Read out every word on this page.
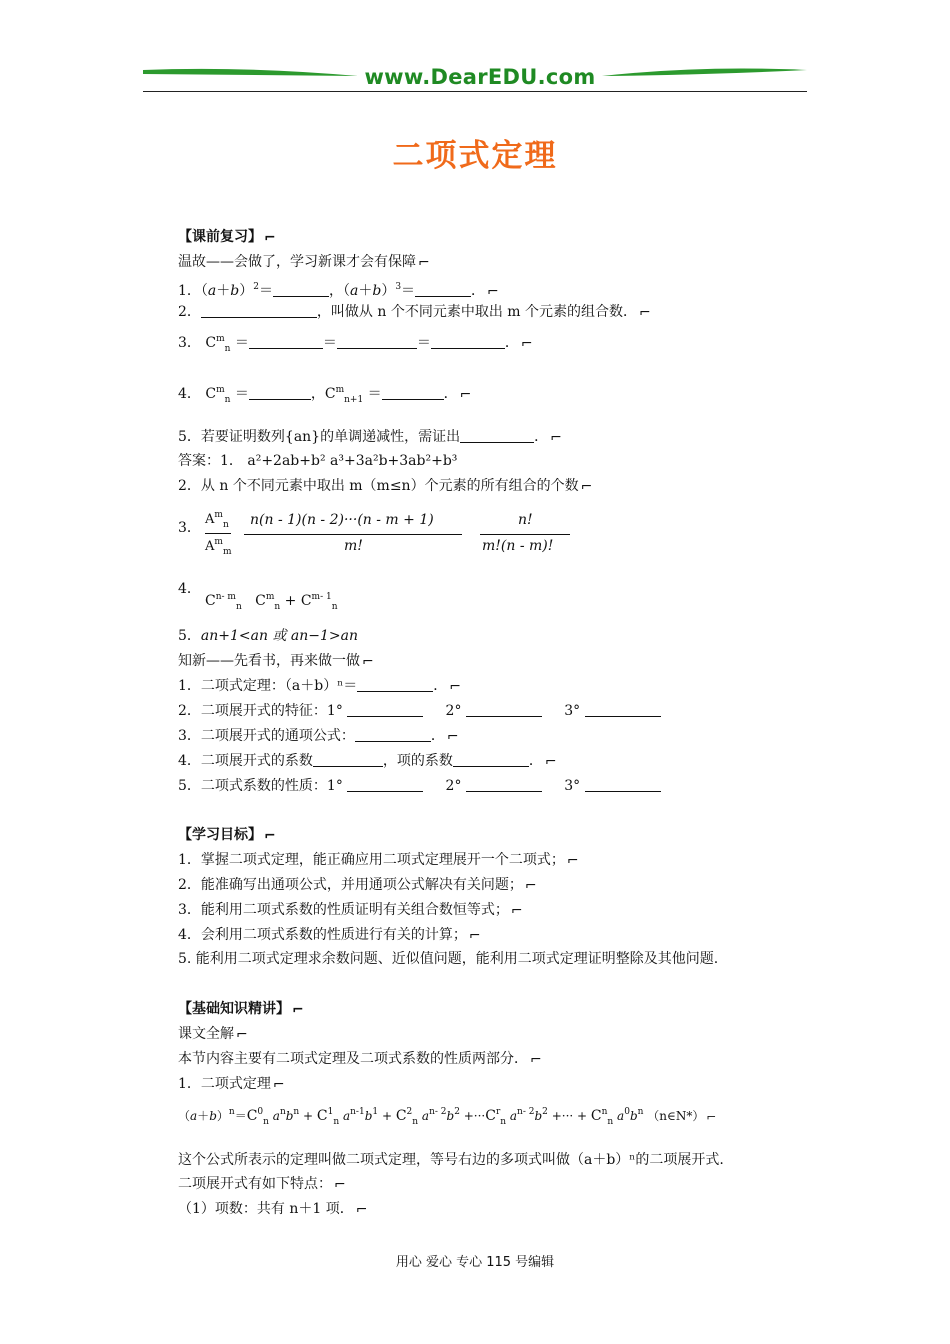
www.DearEDU.com
二项式定理
【课前复习】 ⌐
温故——会做了，学习新课才会有保障 ⌐
1．$(a+b)^2=$	，$(a+b)^3=$	． ⌐
2．	，叫做从 n 个不同元素中取出 m 个元素的组合数． ⌐
3． $C^m_n$ ＝	＝	＝	． ⌐
4． $C^m_n$ ＝	，$C^m_{n+1}$ ＝	． ⌐
5．若要证明数列{an}的单调递减性，需证出	． ⌐
答案：1． a²+2ab+b² a³+3a²b+3ab²+b³
2．从 n 个不同元素中取出 m（m≤n）个元素的所有组合的个数 ⌐
3．
$A^m_n$
$A^m_m$
n(n - 1)(n - 2)···(n - m + 1)
m!
n!
m!(n - m)!
4．
$C^{n- m}_n$ $C^m_n + C^{m- 1}_n$
5．an+1<an 或 an−1>an
知新——先看书，再来做一做 ⌐
1．二项式定理：（a＋b）ⁿ＝	． ⌐
2．二项展开式的特征：1°	2°	3°
3．二项展开式的通项公式：	． ⌐
4．二项展开式的系数	，项的系数	． ⌐
5．二项式系数的性质：1°	2°	3°
【学习目标】 ⌐
1．掌握二项式定理，能正确应用二项式定理展开一个二项式； ⌐
2．能准确写出通项公式，并用通项公式解决有关问题； ⌐
3．能利用二项式系数的性质证明有关组合数恒等式； ⌐
4．会利用二项式系数的性质进行有关的计算； ⌐
5. 能利用二项式定理求余数问题、近似值问题，能利用二项式定理证明整除及其他问题.
【基础知识精讲】 ⌐
课文全解 ⌐
本节内容主要有二项式定理及二项式系数的性质两部分． ⌐
1．二项式定理 ⌐
$(a+b)^n=C^0_n$ $a^nb^n + C^1_n$ $a^{n-1}b^1 + C^2_n$ $a^{n- 2}b^2 +\cdot\cdot\cdot C^r_n$ $a^{n- 2}b^2$ +··· + $C^n_n$ $a^0b^n$ （n∈N*） ⌐
这个公式所表示的定理叫做二项式定理，等号右边的多项式叫做（a＋b）ⁿ的二项展开式.
二项展开式有如下特点： ⌐
（1）项数：共有 n＋1 项． ⌐
用心 爱心 专心 115 号编辑
